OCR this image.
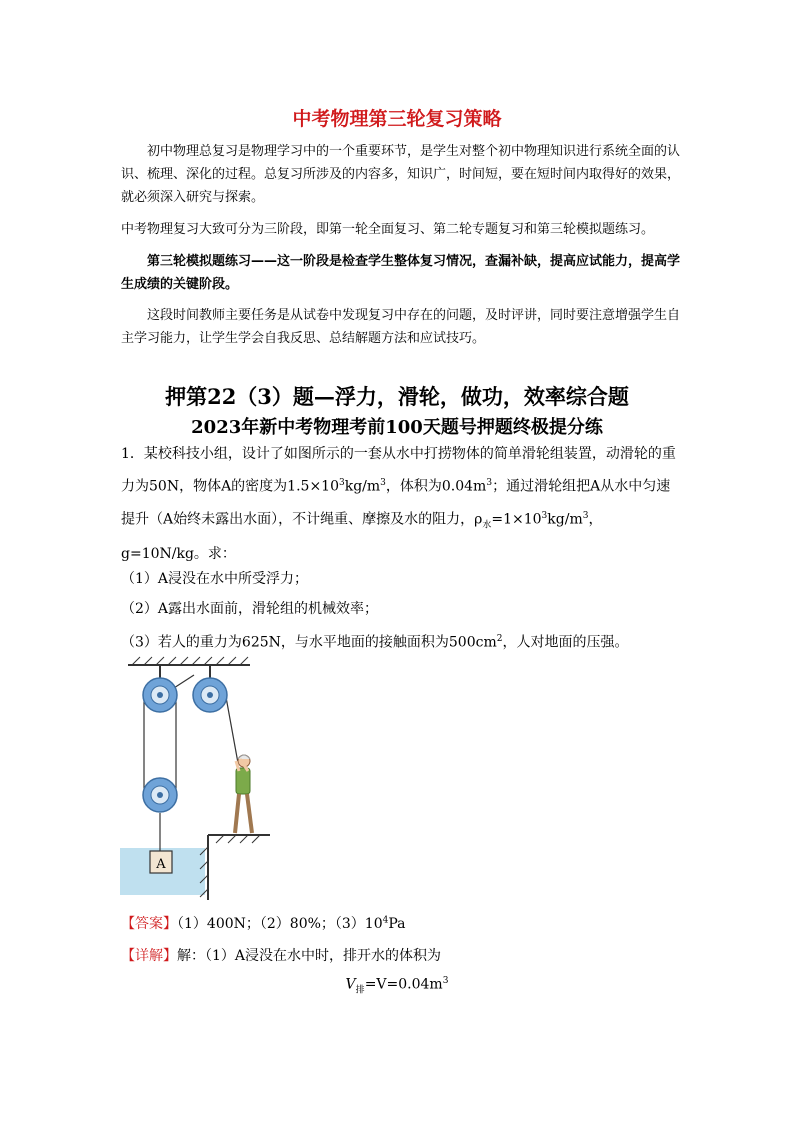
中考物理第三轮复习策略
初中物理总复习是物理学习中的一个重要环节，是学生对整个初中物理知识进行系统全面的认识、梳理、深化的过程。总复习所涉及的内容多，知识广，时间短，要在短时间内取得好的效果，就必须深入研究与探索。
中考物理复习大致可分为三阶段，即第一轮全面复习、第二轮专题复习和第三轮模拟题练习。
第三轮模拟题练习——这一阶段是检查学生整体复习情况，查漏补缺，提高应试能力，提高学生成绩的关键阶段。
这段时间教师主要任务是从试卷中发现复习中存在的问题，及时评讲，同时要注意增强学生自主学习能力，让学生学会自我反思、总结解题方法和应试技巧。
押第22（3）题—浮力，滑轮，做功，效率综合题
2023年新中考物理考前100天题号押题终极提分练
1．某校科技小组，设计了如图所示的一套从水中打捞物体的简单滑轮组装置，动滑轮的重力为50N，物体A的密度为$1.5\times 10^3kg/m^3$，体积为$0.04m^3$；通过滑轮组把A从水中匀速提升（A始终未露出水面），不计绳重、摩擦及水的阻力，$\rho_水=1\times 10^3kg/m^3$，g=10N/kg。求：
（1）A浸没在水中所受浮力；
（2）A露出水面前，滑轮组的机械效率；
（3）若人的重力为625N，与水平地面的接触面积为$500cm^2$，人对地面的压强。
A
【答案】（1）400N；（2）80%；$(3)10^4Pa$
【详解】解：（1）A浸没在水中时，排开水的体积为
$V_排=V=0.04m^3$
